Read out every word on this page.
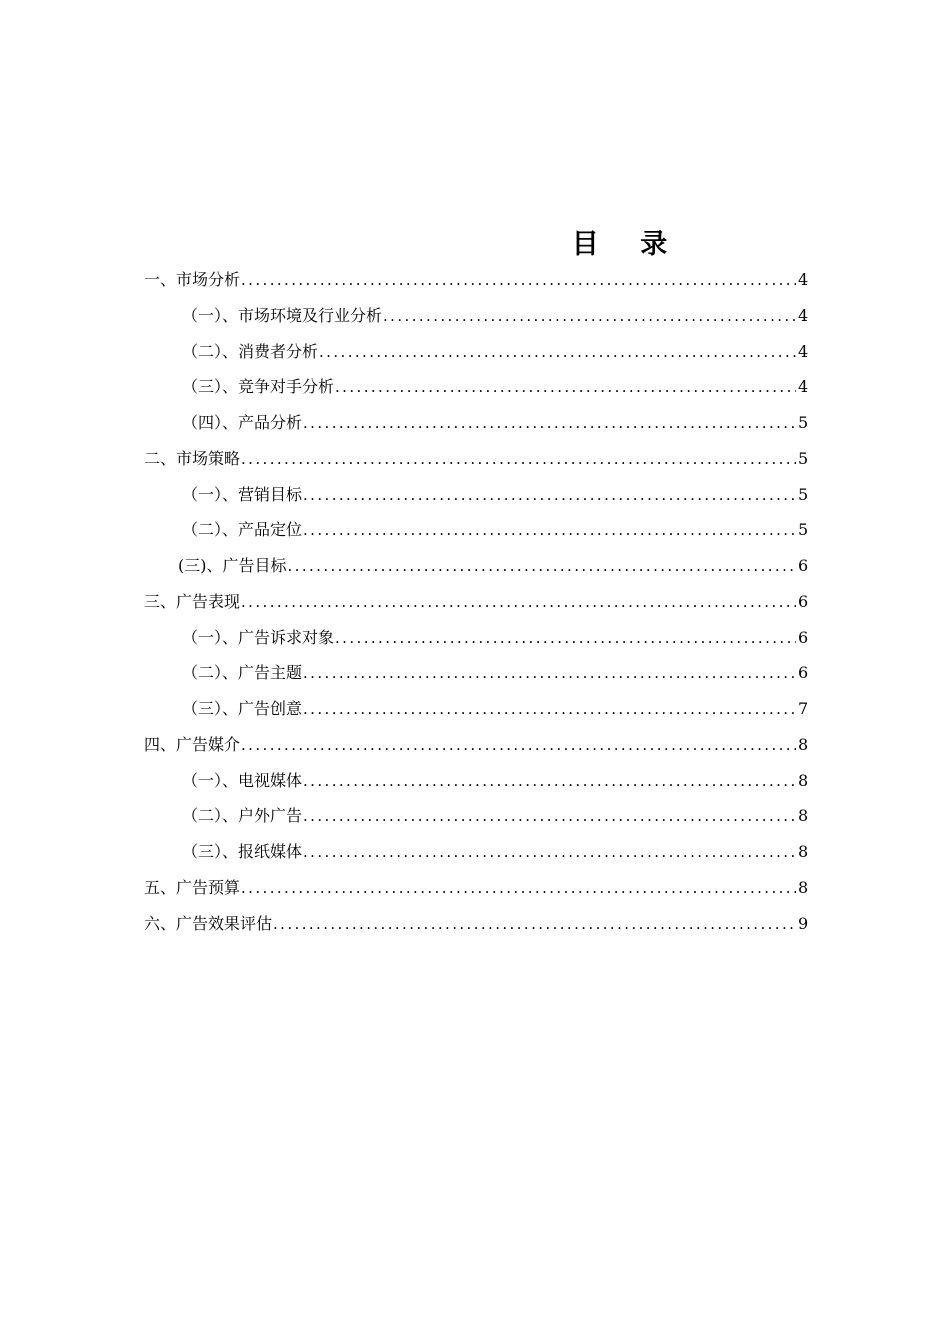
目 录
一、市场分析 .....	4
（一）、市场环境及行业分析 .....	4
（二）、消费者分析 .....	4
（三）、竞争对手分析 .....	4
（四）、产品分析 .....	5
二、市场策略 .....	5
（一）、营销目标 .....	5
（二）、产品定位 .....	5
(三)、广告目标 .....	6
三、广告表现 .....	6
（一）、广告诉求对象 .....	6
（二）、广告主题 .....	6
（三）、广告创意 .....	7
四、广告媒介 .....	8
（一）、电视媒体 .....	8
（二）、户外广告 .....	8
（三）、报纸媒体 .....	8
五、广告预算 .....	8
六、广告效果评估 .....	9
